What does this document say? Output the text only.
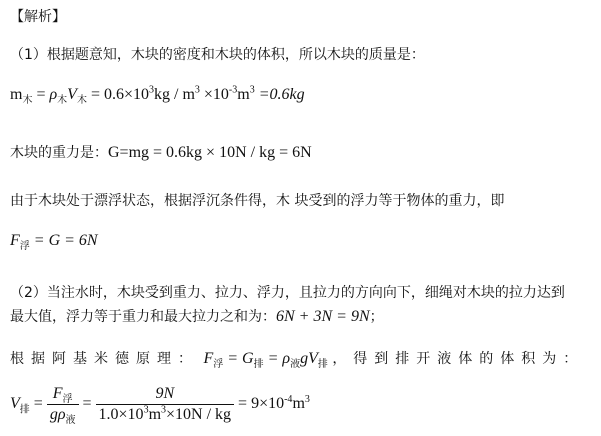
【解析】
（1）根据题意知，木块的密度和木块的体积，所以木块的质量是：
$m_木 = \rho_木V_木 = 0.6\times 10^3kg / m^3 \times 10^{-3}m^3 =0.6kg$
木块的重力是：G=mg = 0.6kg × 10N / kg = 6N
由于木块处于漂浮状态，根据浮沉条件得，木 块受到的浮力等于物体的重力，即
$F_浮 = G = 6N$
（2）当注水时，木块受到重力、拉力、浮力，且拉力的方向向下，细绳对木块的拉力达到
最大值，浮力等于重力和最大拉力之和为：6N + 3N = 9N；
根据阿基米德原理： $F_浮 = G_排 = \rho_液gV_排$ ，得到排开液体的体积为：
$V_排 = \frac{F_浮}{g\rho_液} = \frac{9N}{1.0\times 10^3m^3\times 10N / kg} = 9\times 10^{-4}m^3$
